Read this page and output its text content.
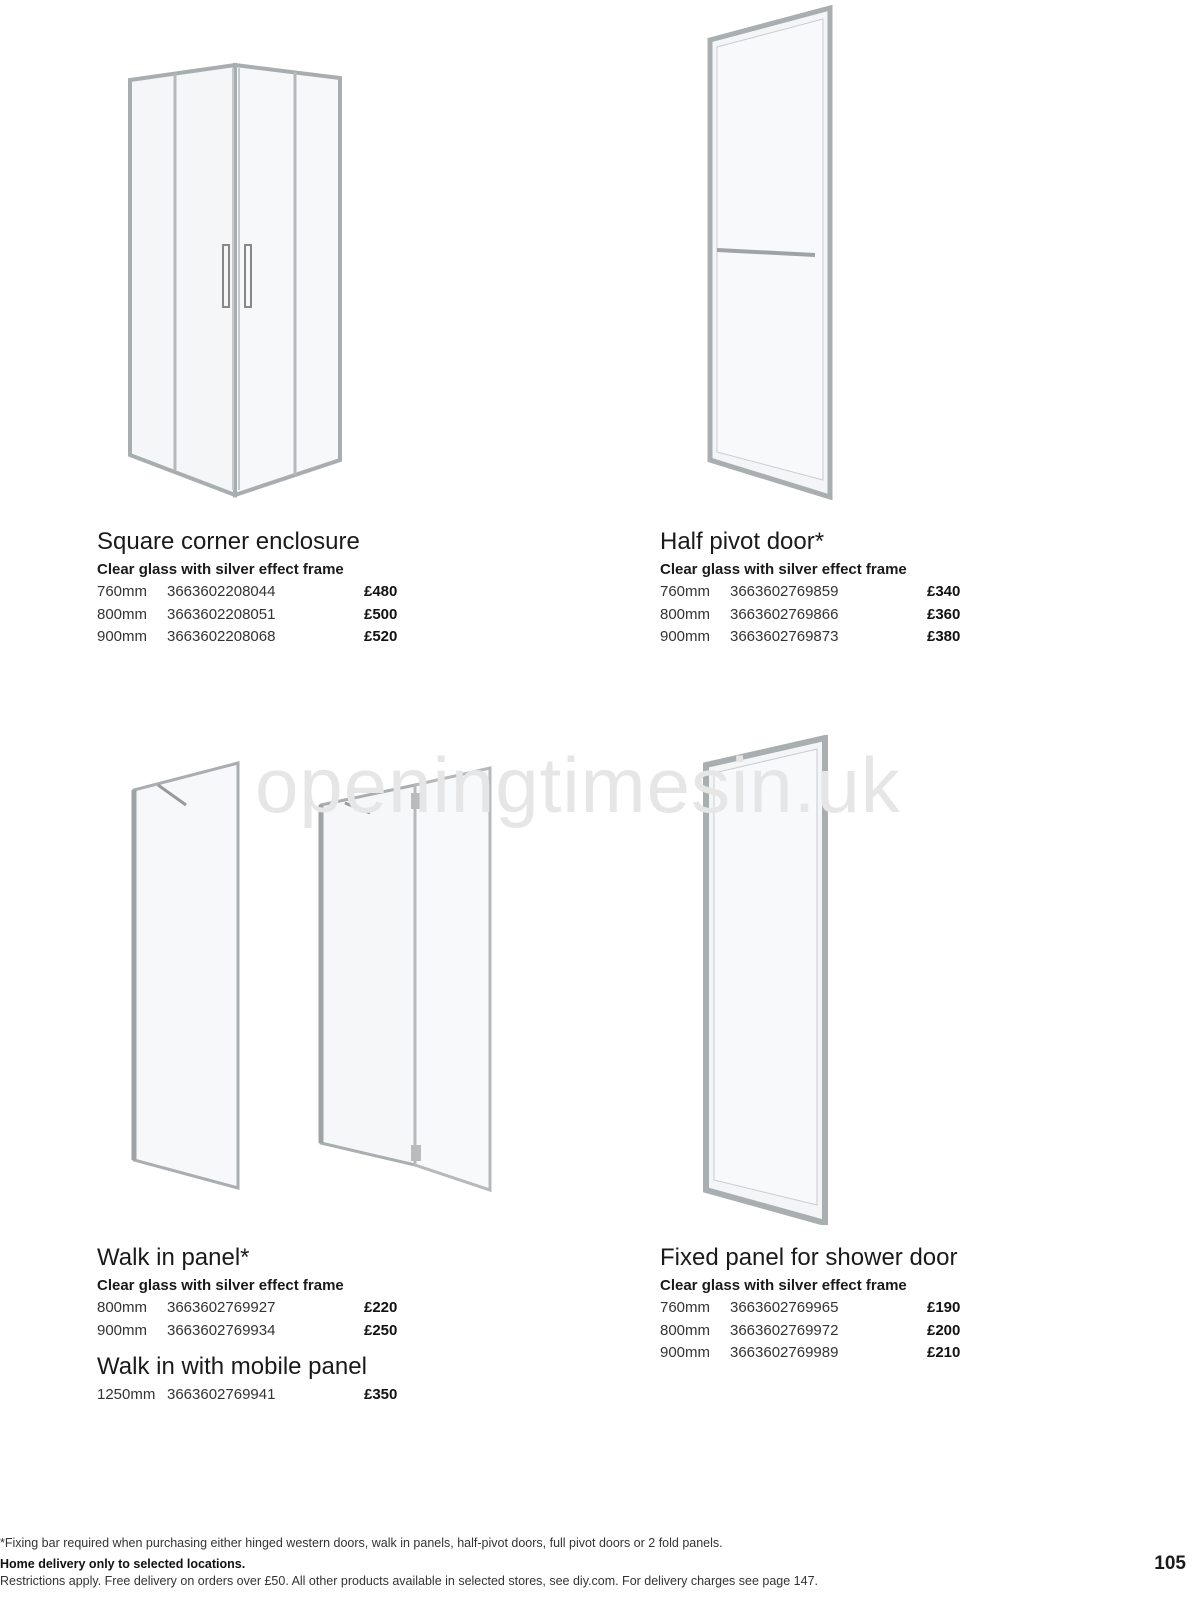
openingtimesin.uk
Square corner enclosure
Clear glass with silver effect frame
760mm	3663602208044	£480
800mm	3663602208051	£500
900mm	3663602208068	£520
Half pivot door*
Clear glass with silver effect frame
760mm	3663602769859	£340
800mm	3663602769866	£360
900mm	3663602769873	£380
Walk in panel*
Clear glass with silver effect frame
800mm	3663602769927	£220
900mm	3663602769934	£250
Walk in with mobile panel
1250mm 3663602769941	£350
Fixed panel for shower door
Clear glass with silver effect frame
760mm	3663602769965	£190
800mm	3663602769972	£200
900mm	3663602769989	£210
*Fixing bar required when purchasing either hinged western doors, walk in panels, half-pivot doors, full pivot doors or 2 fold panels.
Home delivery only to selected locations.
Restrictions apply. Free delivery on orders over £50. All other products available in selected stores, see diy.com. For delivery charges see page 147.
105
